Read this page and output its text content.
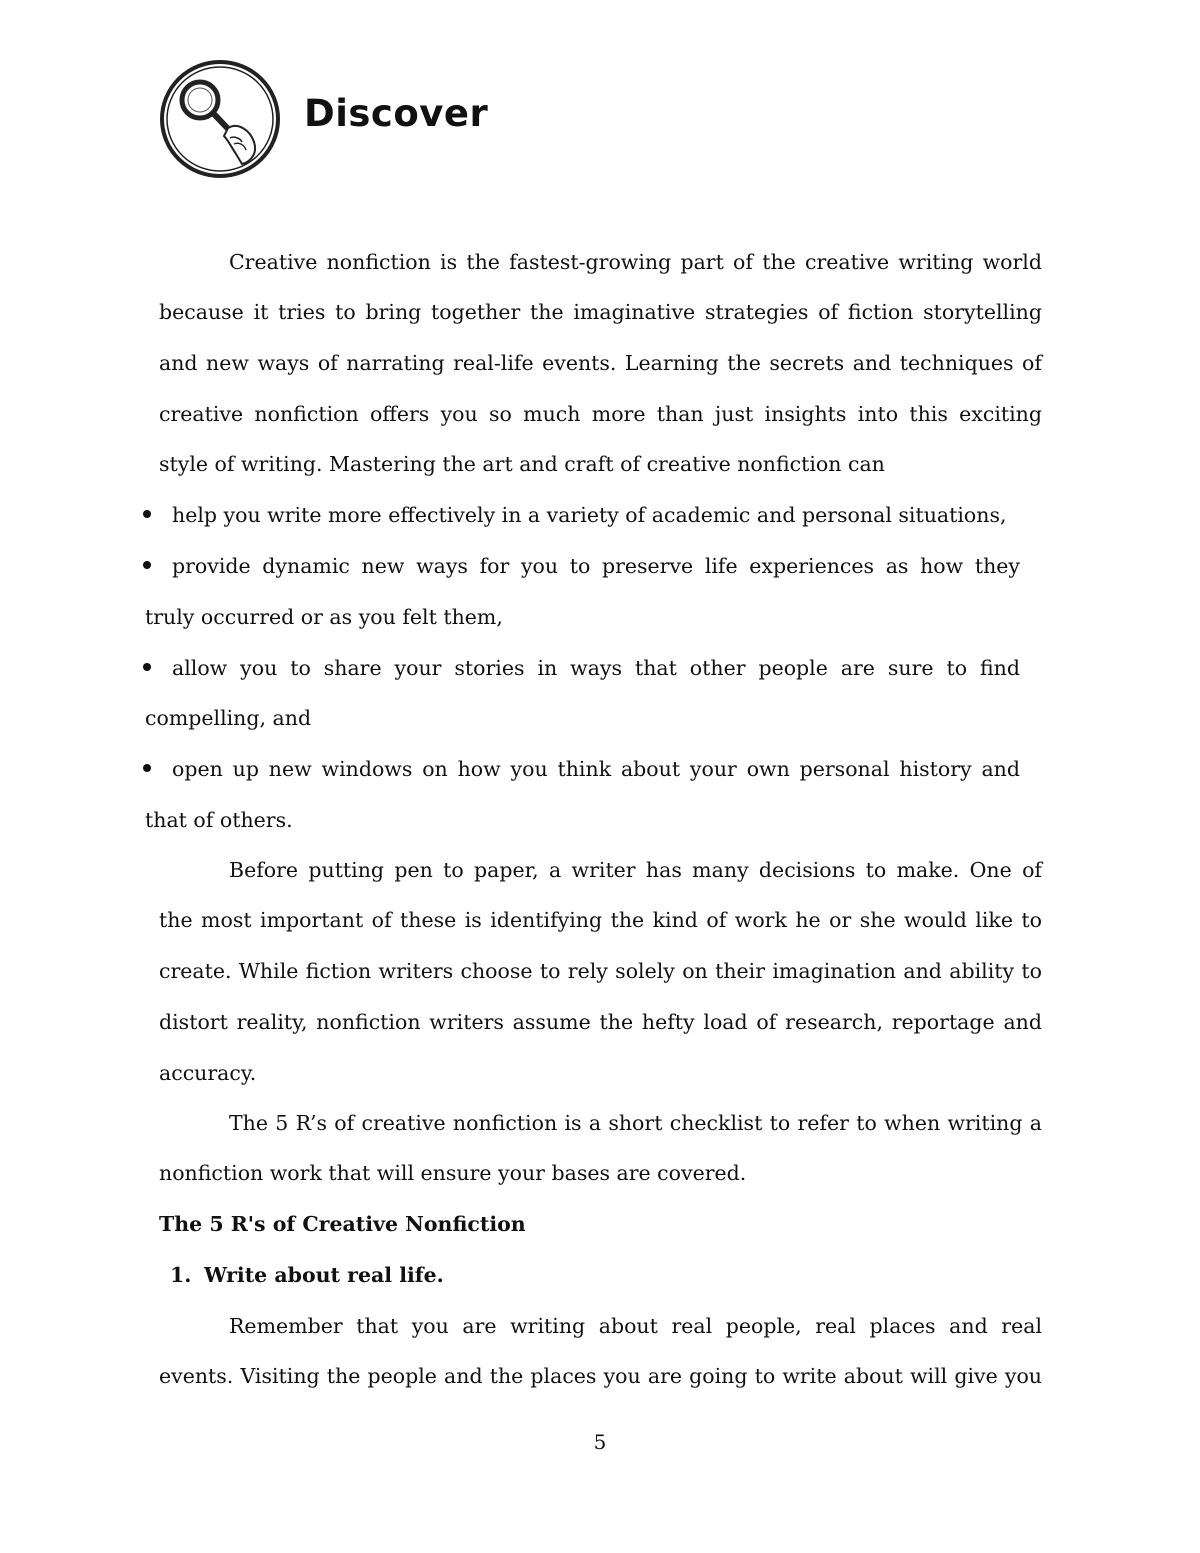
Discover
Creative nonfiction is the fastest-growing part of the creative writing world
because it tries to bring together the imaginative strategies of fiction storytelling
and new ways of narrating real-life events. Learning the secrets and techniques of
creative nonfiction offers you so much more than just insights into this exciting
style of writing. Mastering the art and craft of creative nonfiction can
help you write more effectively in a variety of academic and personal situations,
provide dynamic new ways for you to preserve life experiences as how they
truly occurred or as you felt them,
allow you to share your stories in ways that other people are sure to find
compelling, and
open up new windows on how you think about your own personal history and
that of others.
Before putting pen to paper, a writer has many decisions to make. One of
the most important of these is identifying the kind of work he or she would like to
create. While fiction writers choose to rely solely on their imagination and ability to
distort reality, nonfiction writers assume the hefty load of research, reportage and
accuracy.
The 5 R’s of creative nonfiction is a short checklist to refer to when writing a
nonfiction work that will ensure your bases are covered.
The 5 R's of Creative Nonfiction
1. Write about real life.
Remember that you are writing about real people, real places and real
events. Visiting the people and the places you are going to write about will give you
5
